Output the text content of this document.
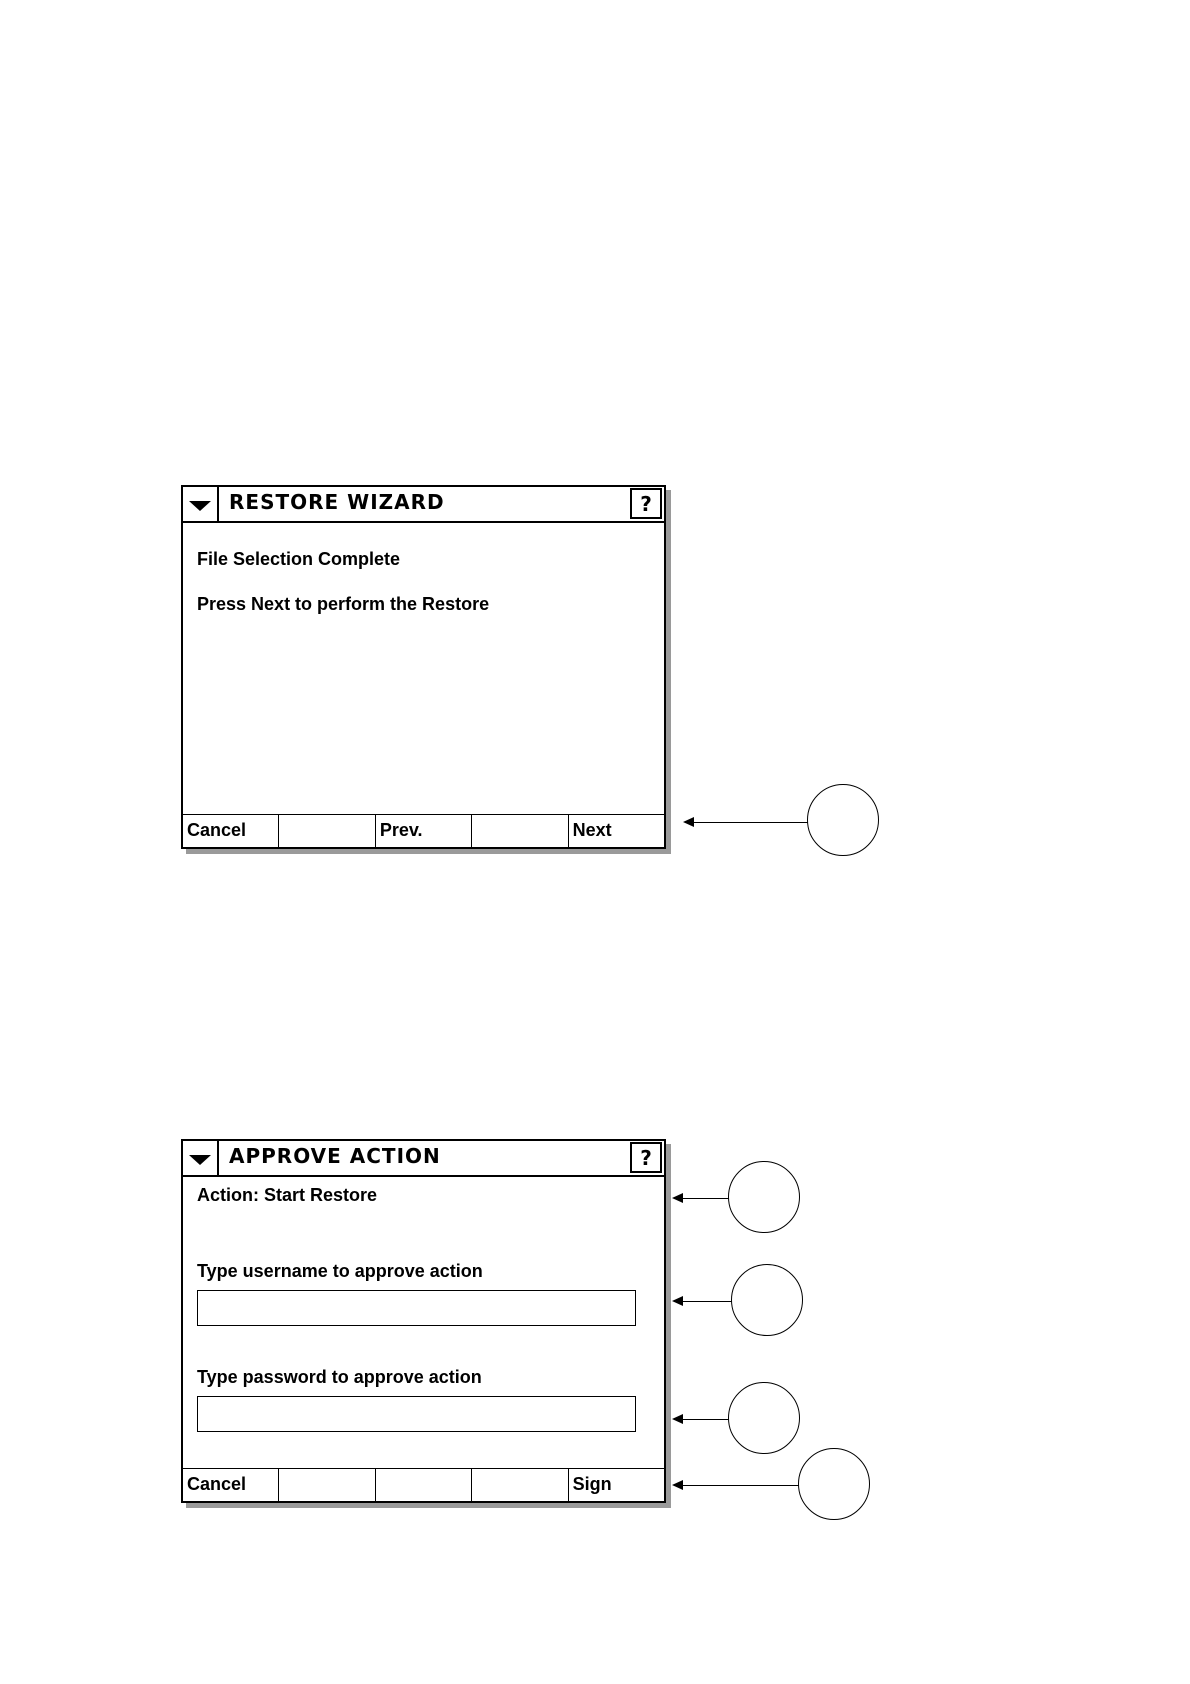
RESTORE WIZARD	?
File Selection Complete
Press Next to perform the Restore
Cancel	Prev.	Next
APPROVE ACTION	?
Action: Start Restore
Type username to approve action
Type password to approve action
Cancel	Sign
